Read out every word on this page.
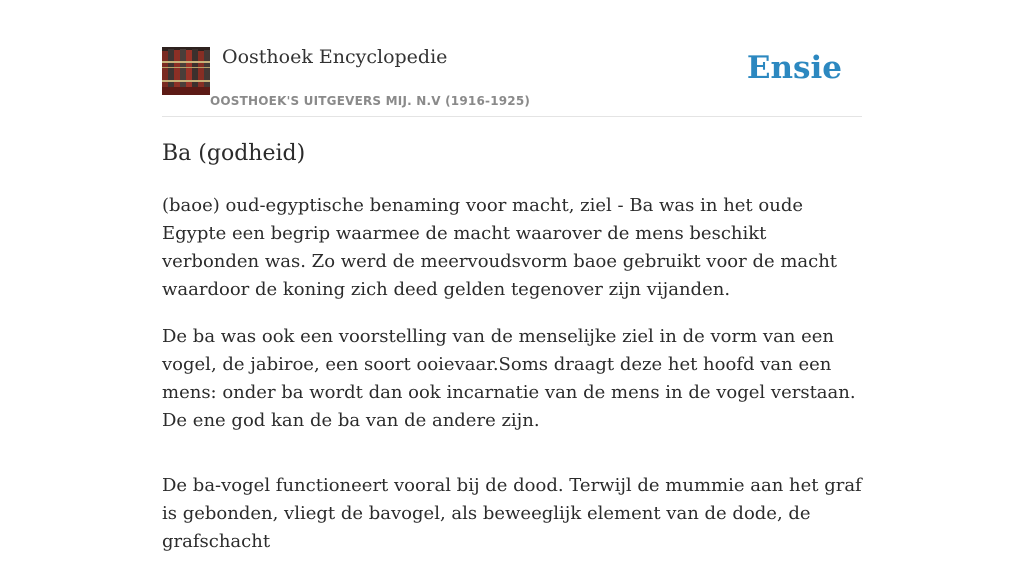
Oosthoek Encyclopedie
OOSTHOEK'S UITGEVERS MIJ. N.V (1916-1925)
Ensie
Ba (godheid)

(baoe) oud-egyptische benaming voor macht, ziel - Ba was in het oude Egypte een begrip waarmee de macht waarover de mens beschikt verbonden was. Zo werd de meervoudsvorm baoe gebruikt voor de macht waardoor de koning zich deed gelden tegenover zijn vijanden.

De ba was ook een voorstelling van de menselijke ziel in de vorm van een vogel, de jabiroe, een soort ooievaar.Soms draagt deze het hoofd van een mens: onder ba wordt dan ook incarnatie van de mens in de vogel verstaan. De ene god kan de ba van de andere zijn.

De ba-vogel functioneert vooral bij de dood. Terwijl de mummie aan het graf is gebonden, vliegt de bavogel, als beweeglijk element van de dode, de grafschacht
